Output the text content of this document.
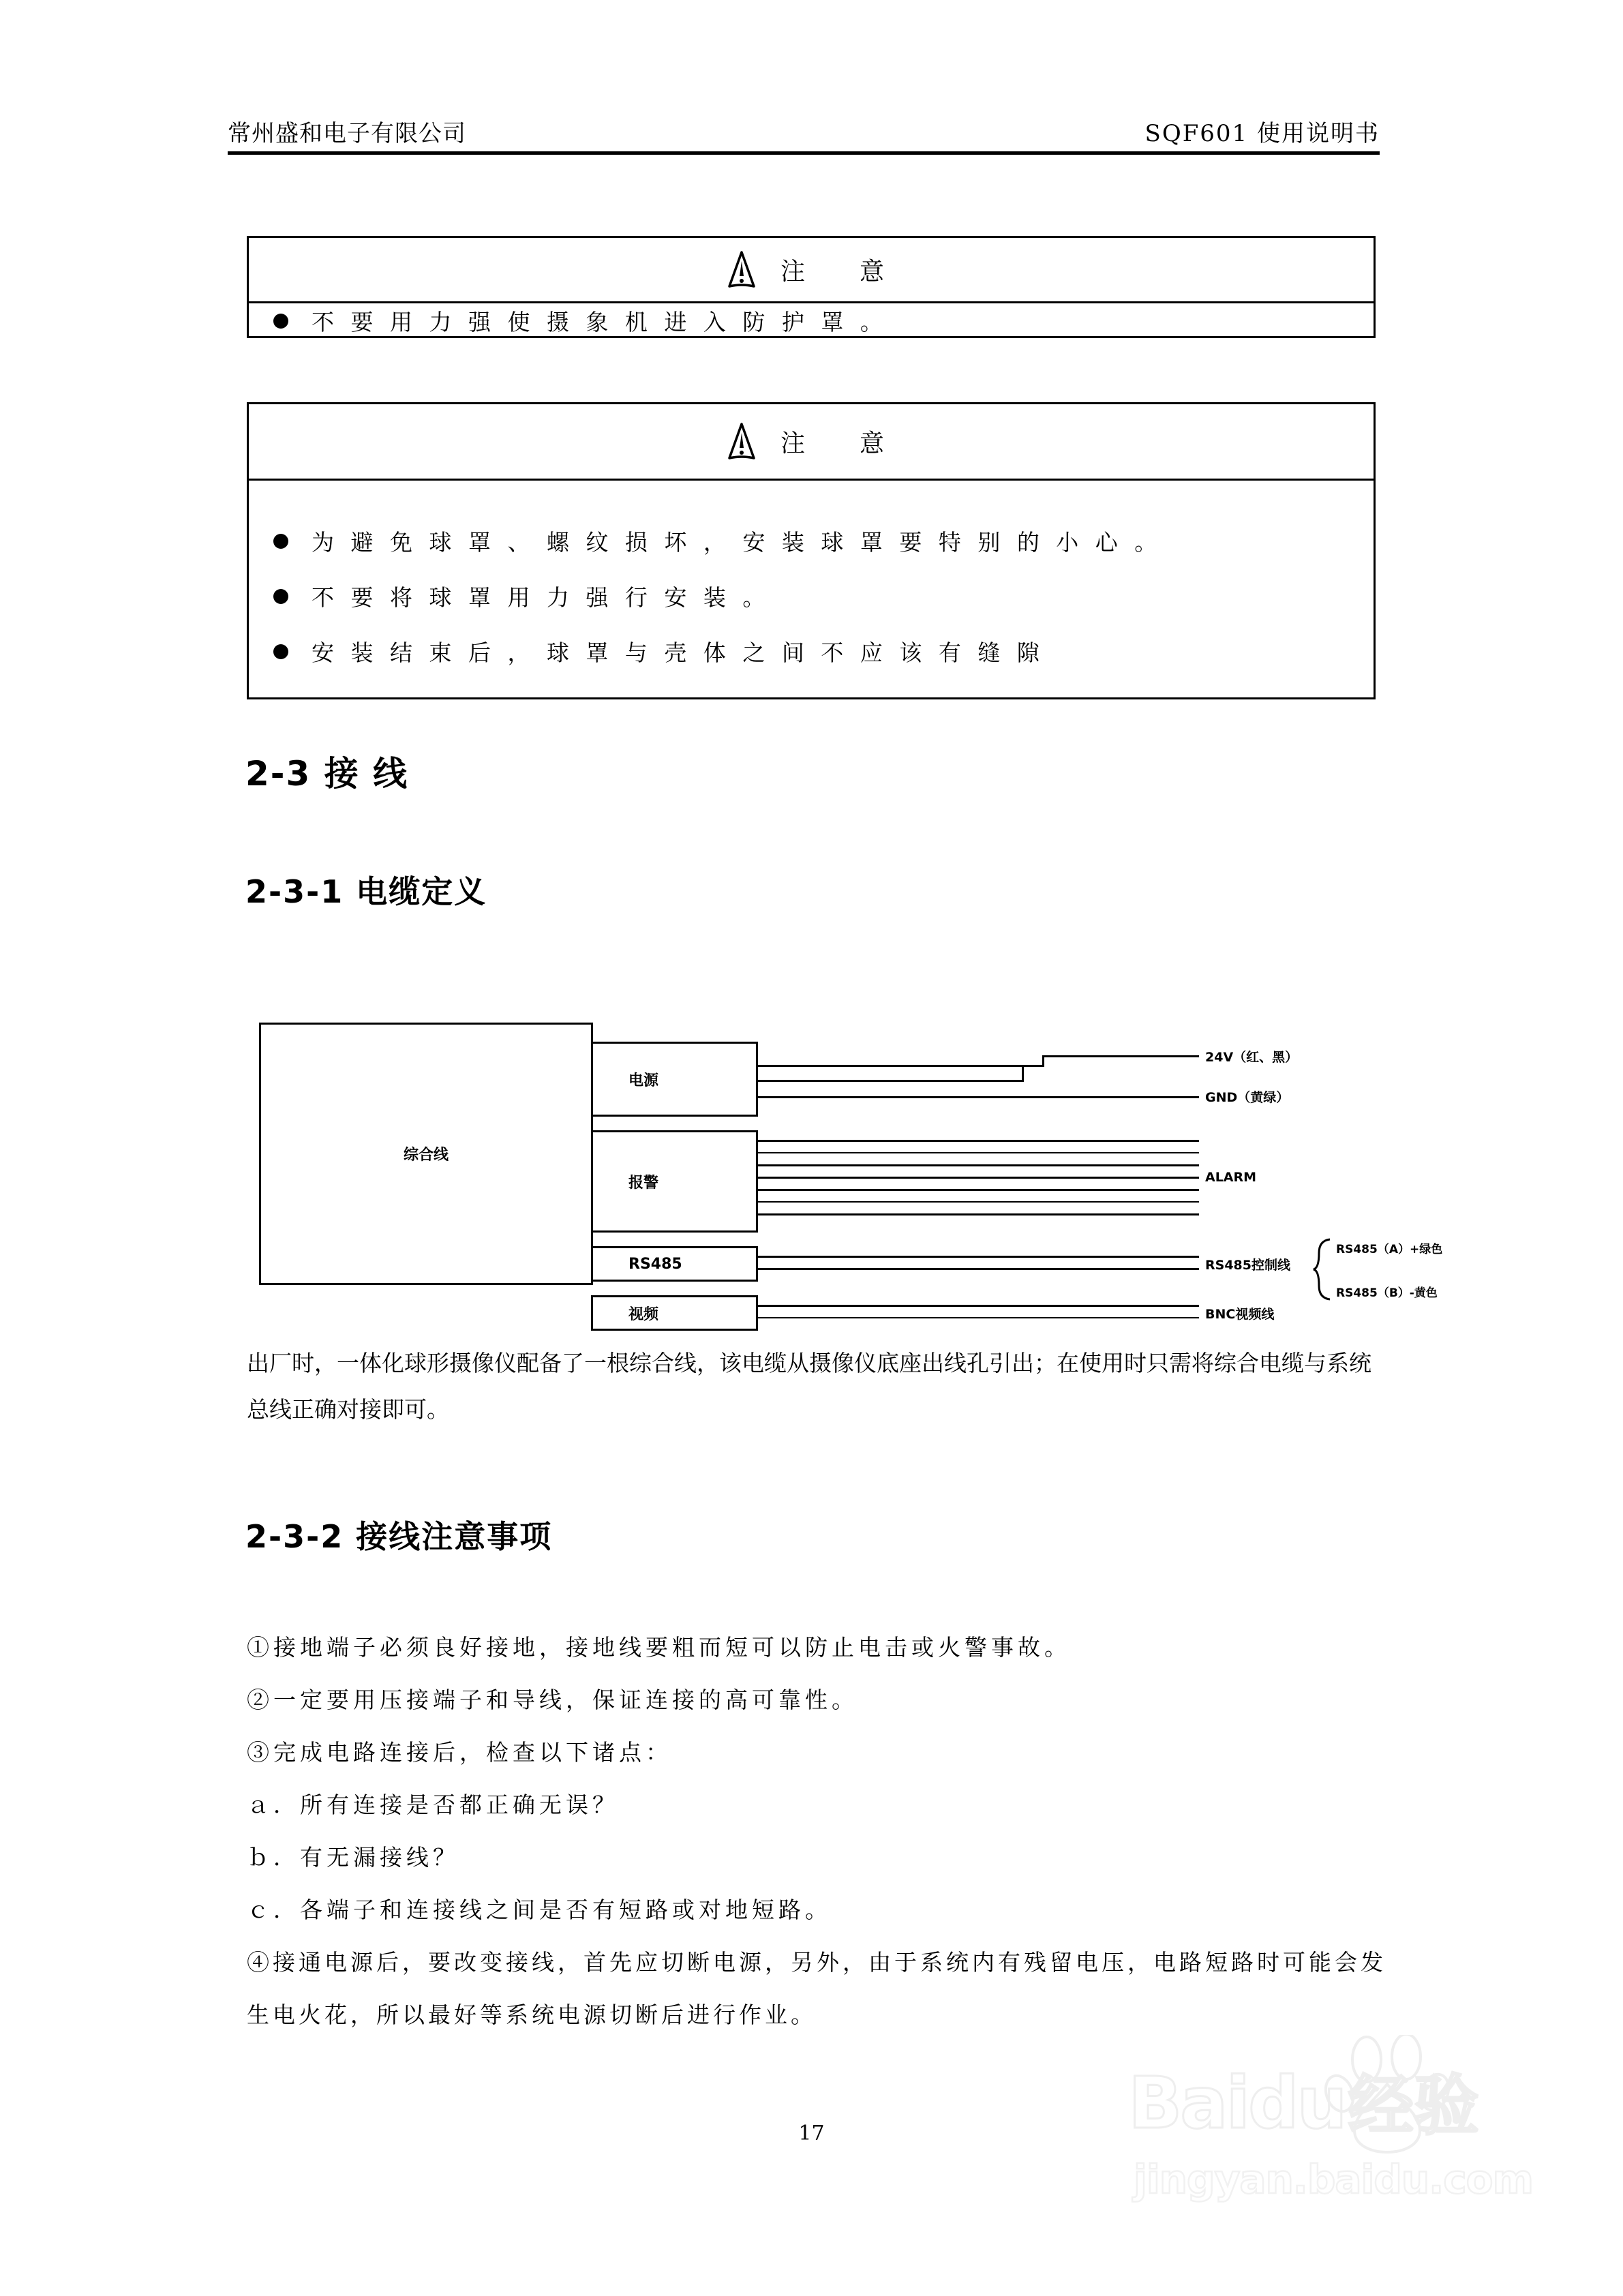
常州盛和电子有限公司	SQF601 使用说明书
注　意
不 要 用 力 强 使 摄 象 机 进 入 防 护 罩 。
注　意
为 避 免 球 罩 、 螺 纹 损 坏 ， 安 装 球 罩 要 特 别 的 小 心 。
不 要 将 球 罩 用 力 强 行 安 装 。
安 装 结 束 后 ， 球 罩 与 壳 体 之 间 不 应 该 有 缝 隙
2-3 接 线
2-3-1 电缆定义
综合线
电源
报警
RS485
视频
24V（红、黑）
GND（黄绿）
ALARM
RS485控制线
BNC视频线
RS485（A）+绿色
RS485（B）-黄色
出厂时，一体化球形摄像仪配备了一根综合线，该电缆从摄像仪底座出线孔引出；在使用时只需将综合电缆与系统总线正确对接即可。
2-3-2 接线注意事项
①接地端子必须良好接地，接地线要粗而短可以防止电击或火警事故。
②一定要用压接端子和导线，保证连接的高可靠性。
③完成电路连接后，检查以下诸点：
ａ．所有连接是否都正确无误？
ｂ．有无漏接线？
ｃ．各端子和连接线之间是否有短路或对地短路。
④接通电源后，要改变接线，首先应切断电源，另外，由于系统内有残留电压，电路短路时可能会发生电火花，所以最好等系统电源切断后进行作业。
17	Baidu 经验
jingyan.baidu.com
